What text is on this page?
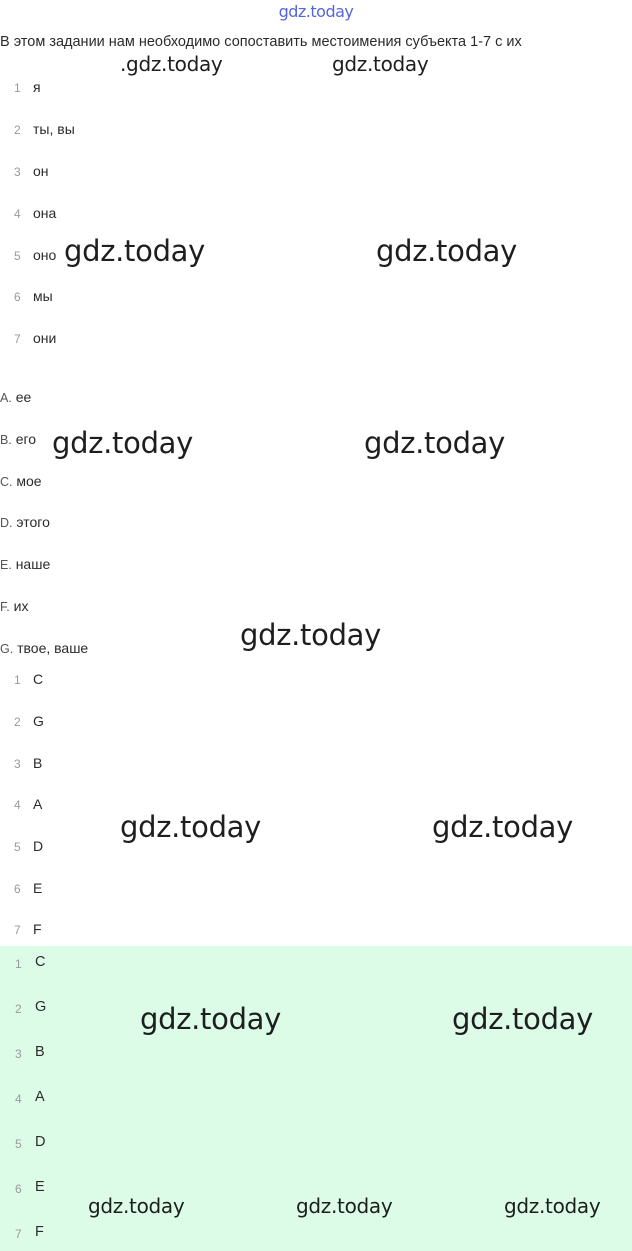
gdz.today
В этом задании нам необходимо сопоставить местоимения субъекта 1-7 с их
1 я
2 ты, вы
3 он
4 она
5 оно
6 мы
7 они
A. ее
B. его
C. мое
D. этого
E. наше
F. их
G. твое, ваше
1 C
2 G
3 B
4 A
5 D
6 E
7 F
1 C
2 G
3 B
4 A
5 D
6 E
7 F
.gdz.today	gdz.today
gdz.today	gdz.today
gdz.today	gdz.today
gdz.today
gdz.today	gdz.today
gdz.today	gdz.today
gdz.today	gdz.today	gdz.today
